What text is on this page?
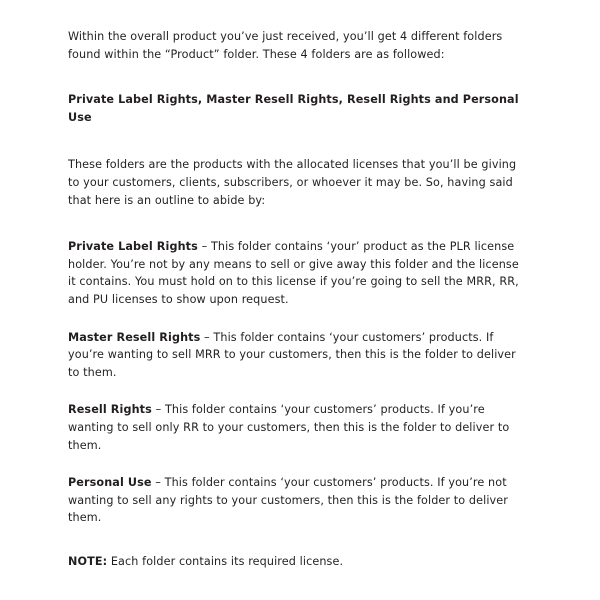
Within the overall product you’ve just received, you’ll get 4 different folders found within the “Product” folder. These 4 folders are as followed:

Private Label Rights, Master Resell Rights, Resell Rights and Personal Use

These folders are the products with the allocated licenses that you’ll be giving to your customers, clients, subscribers, or whoever it may be. So, having said that here is an outline to abide by:

Private Label Rights – This folder contains ‘your’ product as the PLR license holder. You’re not by any means to sell or give away this folder and the license it contains. You must hold on to this license if you’re going to sell the MRR, RR, and PU licenses to show upon request.

Master Resell Rights – This folder contains ‘your customers’ products. If you’re wanting to sell MRR to your customers, then this is the folder to deliver to them.

Resell Rights – This folder contains ‘your customers’ products. If you’re wanting to sell only RR to your customers, then this is the folder to deliver to them.

Personal Use – This folder contains ‘your customers’ products. If you’re not wanting to sell any rights to your customers, then this is the folder to deliver them.

NOTE: Each folder contains its required license.
